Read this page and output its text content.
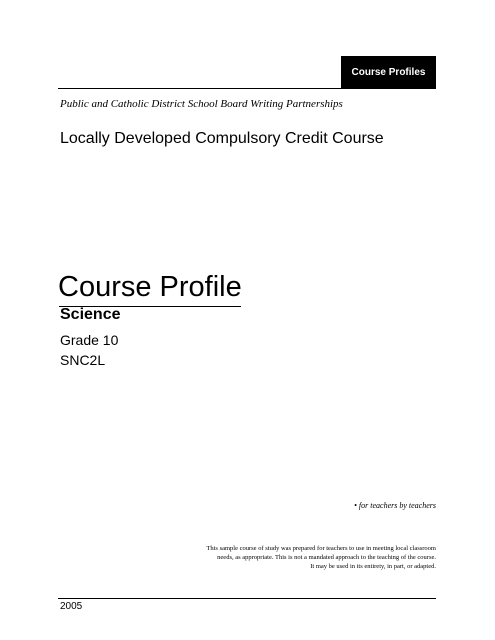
Course Profiles
Public and Catholic District School Board Writing Partnerships
Locally Developed Compulsory Credit Course
Course Profile
Science
Grade 10
SNC2L
• for teachers by teachers
This sample course of study was prepared for teachers to use in meeting local classroom
needs, as appropriate. This is not a mandated approach to the teaching of the course.
It may be used in its entirety, in part, or adapted.
2005
